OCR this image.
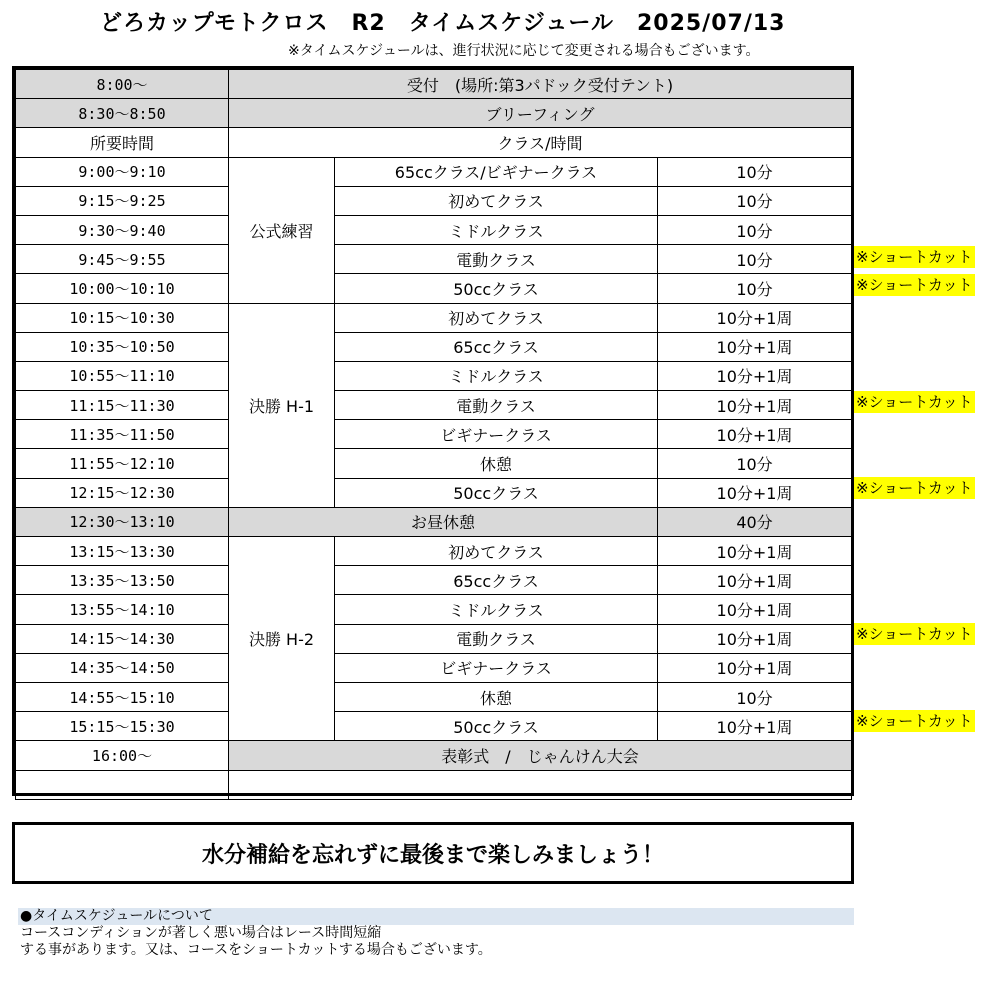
どろカップモトクロス　R2　タイムスケジュール　2025/07/13
※タイムスケジュールは、進行状況に応じて変更される場合もございます。
8:00〜	受付　(場所:第3パドック受付テント)		
8:30〜8:50	ブリーフィング		
所要時間	クラス/時間		
9:00〜9:10	公式練習	65ccクラス/ビギナークラス	10分
9:15〜9:25		初めてクラス	10分
9:30〜9:40		ミドルクラス	10分
9:45〜9:55		電動クラス	10分
10:00〜10:10		50ccクラス	10分
10:15〜10:30	決勝 H-1	初めてクラス	10分+1周
10:35〜10:50		65ccクラス	10分+1周
10:55〜11:10		ミドルクラス	10分+1周
11:15〜11:30		電動クラス	10分+1周
11:35〜11:50		ビギナークラス	10分+1周
11:55〜12:10		休憩	10分
12:15〜12:30		50ccクラス	10分+1周
12:30〜13:10	お昼休憩		40分
13:15〜13:30	決勝 H-2	初めてクラス	10分+1周
13:35〜13:50		65ccクラス	10分+1周
13:55〜14:10		ミドルクラス	10分+1周
14:15〜14:30		電動クラス	10分+1周
14:35〜14:50		ビギナークラス	10分+1周
14:55〜15:10		休憩	10分
15:15〜15:30		50ccクラス	10分+1周
16:00〜	表彰式　/　じゃんけん大会		

※ショートカット
※ショートカット
※ショートカット
※ショートカット
※ショートカット
※ショートカット
水分補給を忘れずに最後まで楽しみましょう！
●タイムスケジュールについて
コースコンディションが著しく悪い場合はレース時間短縮
する事があります。又は、コースをショートカットする場合もございます。
